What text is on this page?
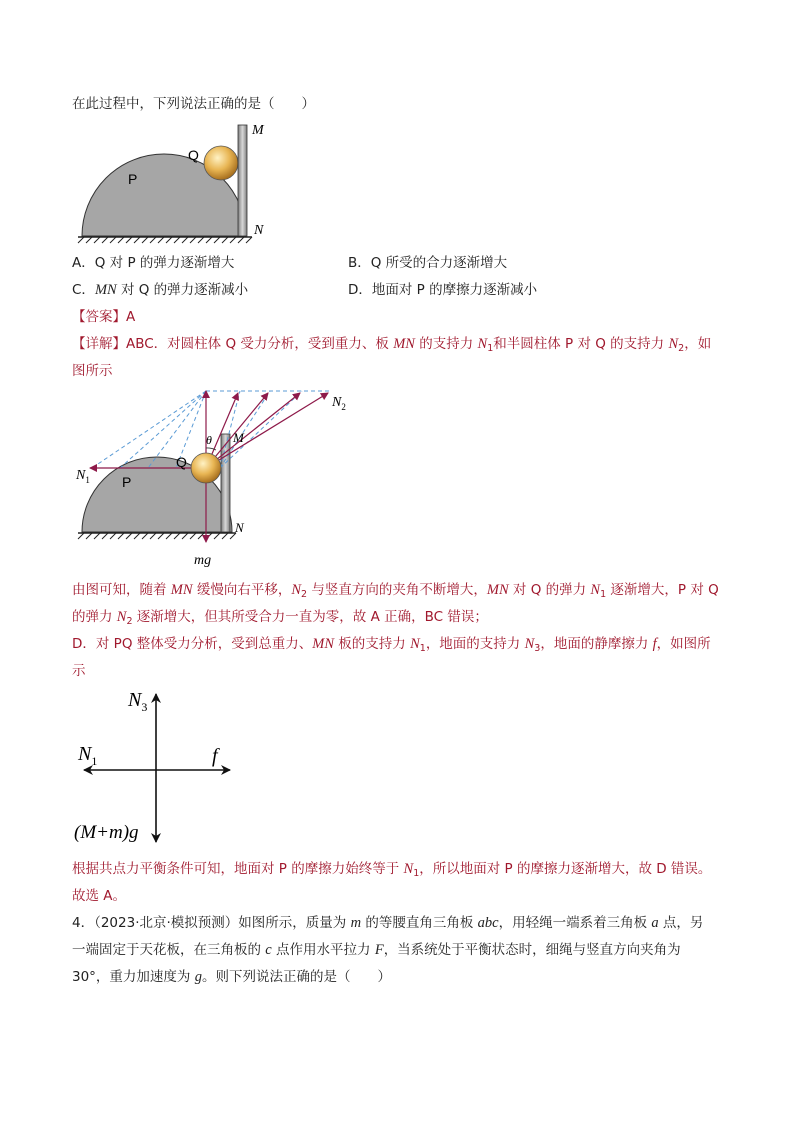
在此过程中，下列说法正确的是（　　）
P
Q
M
N
A．Q 对 P 的弹力逐渐增大	B．Q 所受的合力逐渐增大
C．MN 对 Q 的弹力逐渐减小	D．地面对 P 的摩擦力逐渐减小
【答案】A
【详解】ABC．对圆柱体 Q 受力分析，受到重力、板 MN 的支持力 $N_1$和半圆柱体 P 对 Q 的支持力 $N_2$，如
图所示
θ
$N_1$
$N_2$
P
Q
M
N
mg
由图可知，随着 MN 缓慢向右平移，$N_2$ 与竖直方向的夹角不断增大，MN 对 Q 的弹力 $N_1$ 逐渐增大，P 对 Q
的弹力 $N_2$ 逐渐增大，但其所受合力一直为零，故 A 正确，BC 错误；
D．对 PQ 整体受力分析，受到总重力、MN 板的支持力 $N_1$，地面的支持力 $N_3$，地面的静摩擦力 f，如图所
示
$N_3$
$N_1$	f
(M+m)g
根据共点力平衡条件可知，地面对 P 的摩擦力始终等于 $N_1$，所以地面对 P 的摩擦力逐渐增大，故 D 错误。
故选 A。
4．（2023·北京·模拟预测）如图所示，质量为 m 的等腰直角三角板 abc，用轻绳一端系着三角板 a 点，另
一端固定于天花板，在三角板的 c 点作用水平拉力 F，当系统处于平衡状态时，细绳与竖直方向夹角为
30°，重力加速度为 g。则下列说法正确的是（　　）
